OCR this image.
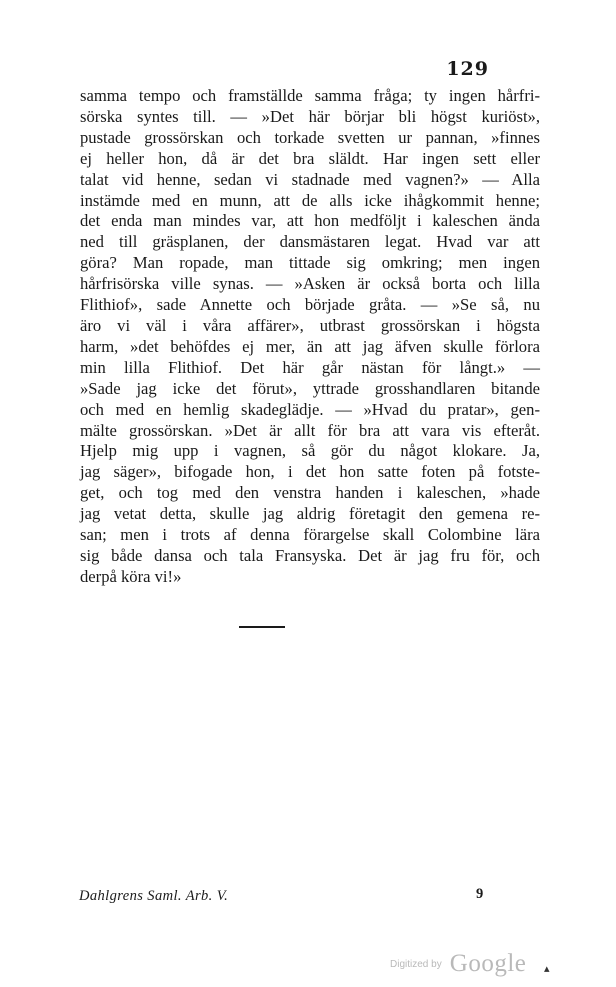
129

samma tempo och framställde samma fråga; ty ingen hårfri-
sörska syntes till. — »Det här börjar bli högst kuriöst»,
pustade grossörskan och torkade svetten ur pannan, »finnes
ej heller hon, då är det bra släldt. Har ingen sett eller
talat vid henne, sedan vi stadnade med vagnen?» — Alla
instämde med en munn, att de alls icke ihågkommit henne;
det enda man mindes var, att hon medföljt i kaleschen ända
ned till gräsplanen, der dansmästaren legat. Hvad var att
göra? Man ropade, man tittade sig omkring; men ingen
hårfrisörska ville synas. — »Asken är också borta och lilla
Flithiof», sade Annette och började gråta. — »Se så, nu
äro vi väl i våra affärer», utbrast grossörskan i högsta
harm, »det behöfdes ej mer, än att jag äfven skulle förlora
min lilla Flithiof. Det här går nästan för långt.» —
»Sade jag icke det förut», yttrade grosshandlaren bitande
och med en hemlig skadeglädje. — »Hvad du pratar», gen-
mälte grossörskan. »Det är allt för bra att vara vis efteråt.
Hjelp mig upp i vagnen, så gör du något klokare. Ja,
jag säger», bifogade hon, i det hon satte foten på fotste-
get, och tog med den venstra handen i kaleschen, »hade
jag vetat detta, skulle jag aldrig företagit den gemena re-
san; men i trots af denna förargelse skall Colombine lära
sig både dansa och tala Fransyska. Det är jag fru för, och
derpå köra vi!»

Dahlgrens Saml. Arb. V.	9
$^{Digitized by}$ Google ▴
